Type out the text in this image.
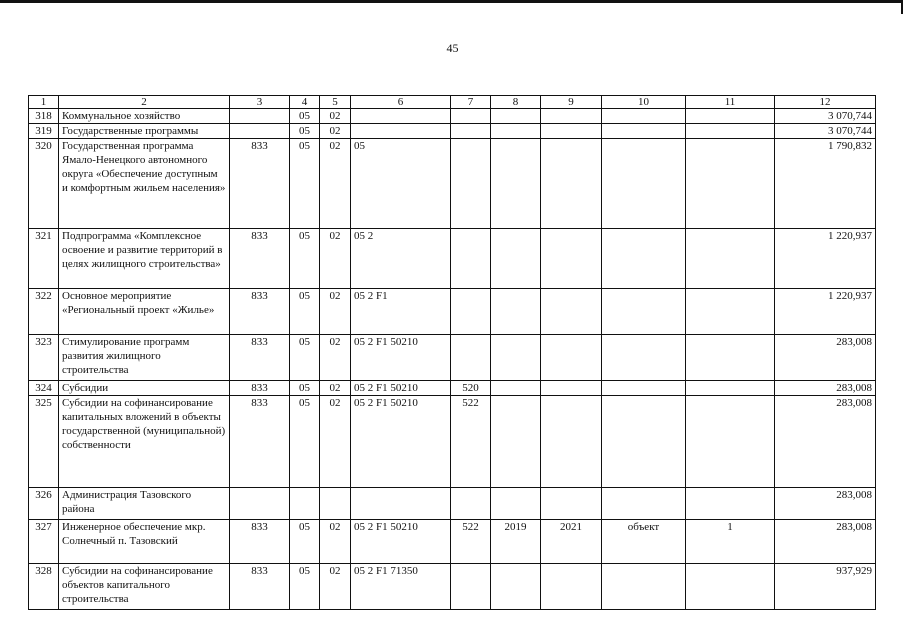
45
1	2	3	4	5	6	7	8	9	10	11	12
318	Коммунальное хозяйство		05	02							3 070,744
319	Государственные программы		05	02							3 070,744
320	Государственная программа Ямало-Ненецкого автономного округа «Обеспечение доступным и комфортным жильем населения»	833	05	02	05						1 790,832
321	Подпрограмма «Комплексное освоение и развитие территорий в целях жилищного строительства»	833	05	02	05 2						1 220,937
322	Основное мероприятие «Региональный проект «Жилье»	833	05	02	05 2 F1						1 220,937
323	Стимулирование программ развития жилищного строительства	833	05	02	05 2 F1 50210						283,008
324	Субсидии	833	05	02	05 2 F1 50210	520					283,008
325	Субсидии на софинансирование капитальных вложений в объекты государственной (муниципальной) собственности	833	05	02	05 2 F1 50210	522					283,008
326	Администрация Тазовского района										283,008
327	Инженерное обеспечение мкр. Солнечный п. Тазовский	833	05	02	05 2 F1 50210	522	2019	2021	объект	1	283,008
328	Субсидии на софинансирование объектов капитального строительства	833	05	02	05 2 F1 71350						937,929
